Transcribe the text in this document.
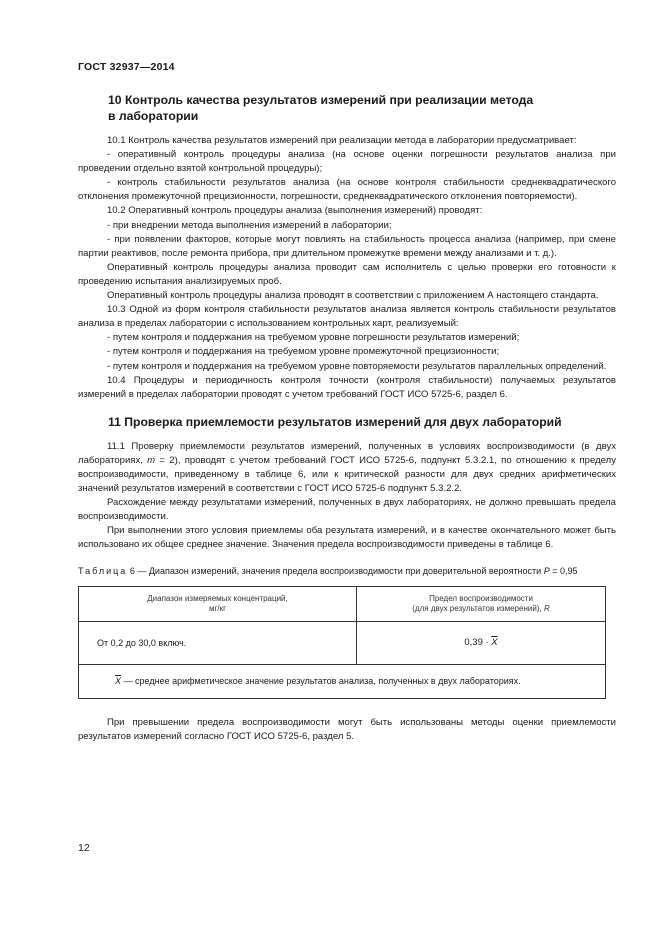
ГОСТ 32937—2014
10 Контроль качества результатов измерений при реализации метода
в лаборатории

10.1 Контроль качества результатов измерений при реализации метода в лаборатории предусматривает:

- оперативный контроль процедуры анализа (на основе оценки погрешности результатов анализа при проведении отдельно взятой контрольной процедуры);

- контроль стабильности результатов анализа (на основе контроля стабильности среднеквадратического отклонения промежуточной прецизионности, погрешности, среднеквадратического отклонения повторяемости).

10.2 Оперативный контроль процедуры анализа (выполнения измерений) проводят:

- при внедрении метода выполнения измерений в лаборатории;

- при появлении факторов, которые могут повлиять на стабильность процесса анализа (например, при смене партии реактивов, после ремонта прибора, при длительном промежутке времени между анализами и т. д.).

Оперативный контроль процедуры анализа проводит сам исполнитель с целью проверки его готовности к проведению испытания анализируемых проб.

Оперативный контроль процедуры анализа проводят в соответствии с приложением А настоящего стандарта.

10.3 Одной из форм контроля стабильности результатов анализа является контроль стабильности результатов анализа в пределах лаборатории с использованием контрольных карт, реализуемый:

- путем контроля и поддержания на требуемом уровне погрешности результатов измерений;

- путем контроля и поддержания на требуемом уровне промежуточной прецизионности;

- путем контроля и поддержания на требуемом уровне повторяемости результатов параллельных определений.

10.4 Процедуры и периодичность контроля точности (контроля стабильности) получаемых результатов измерений в пределах лаборатории проводят с учетом требований ГОСТ ИСО 5725-6, раздел 6.

11 Проверка приемлемости результатов измерений для двух лабораторий

11.1 Проверку приемлемости результатов измерений, полученных в условиях воспроизводимости (в двух лабораториях, m = 2), проводят с учетом требований ГОСТ ИСО 5725-6, подпункт 5.3.2.1, по отношению к пределу воспроизводимости, приведенному в таблице 6, или к критической разности для двух средних арифметических значений результатов измерений в соответствии с ГОСТ ИСО 5725-6 подпункт 5.3.2.2.

Расхождение между результатами измерений, полученных в двух лабораториях, не должно превышать предела воспроизводимости.

При выполнении этого условия приемлемы оба результата измерений, и в качестве окончательного может быть использовано их общее среднее значение. Значения предела воспроизводимости приведены в таблице 6.

Таблица 6 — Диапазон измерений, значения предела воспроизводимости при доверительной вероятности P = 0,95
Диапазон измеряемых концентраций,
мг/кг	Предел воспроизводимости
(для двух результатов измерений), R
От 0,2 до 30,0 включ.	$0,39 \cdot \overline{X}$
$\overline{X}$ — среднее арифметическое значение результатов анализа, полученных в двух лабораториях.	

При превышении предела воспроизводимости могут быть использованы методы оценки приемлемости результатов измерений согласно ГОСТ ИСО 5725-6, раздел 5.

12
